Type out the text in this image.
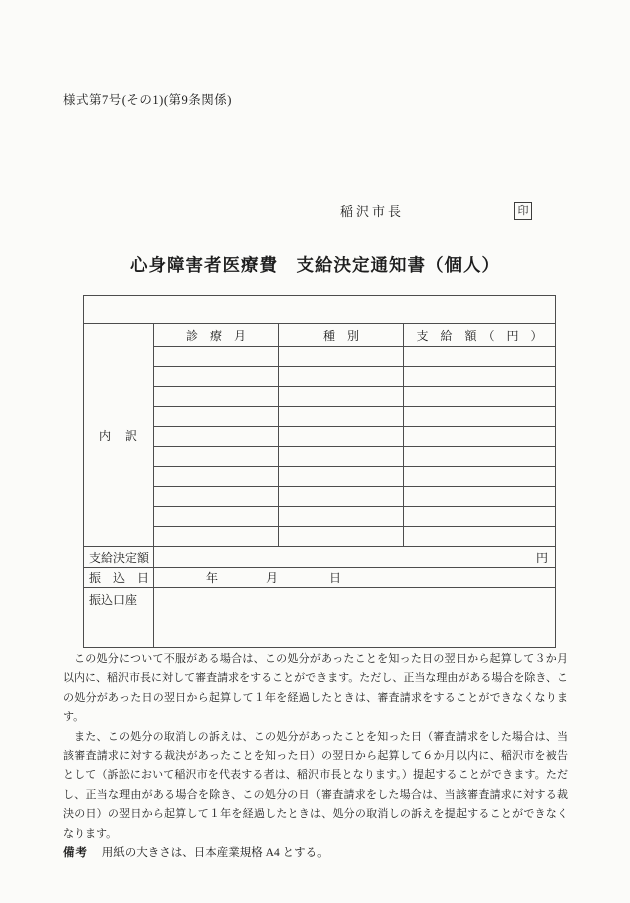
様式第7号(その1)(第9条関係)
稲沢市長	印
心身障害者医療費　支給決定通知書（個人）

内　訳	診　療　月	種　別	支　給　額　（　円　）

支給決定額	円		
振　込　日	年 月 日		
振込口座			

この処分について不服がある場合は、この処分があったことを知った日の翌日から起算して３か月以内に、稲沢市長に対して審査請求をすることができます。ただし、正当な理由がある場合を除き、この処分があった日の翌日から起算して１年を経過したときは、審査請求をすることができなくなります。

また、この処分の取消しの訴えは、この処分があったことを知った日（審査請求をした場合は、当該審査請求に対する裁決があったことを知った日）の翌日から起算して６か月以内に、稲沢市を被告として（訴訟において稲沢市を代表する者は、稲沢市長となります。）提起することができます。ただし、正当な理由がある場合を除き、この処分の日（審査請求をした場合は、当該審査請求に対する裁決の日）の翌日から起算して１年を経過したときは、処分の取消しの訴えを提起することができなくなります。

備考 用紙の大きさは、日本産業規格 A4 とする。
